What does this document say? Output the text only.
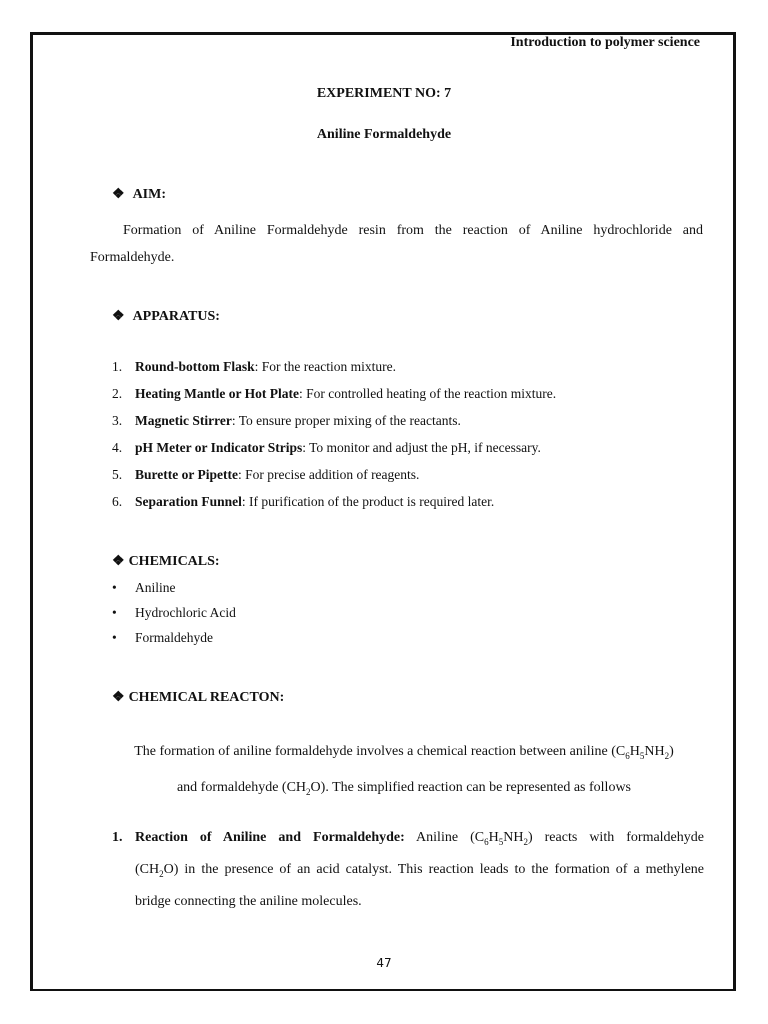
Introduction to polymer science
EXPERIMENT NO: 7
Aniline Formaldehyde
❖ AIM:
Formation of Aniline Formaldehyde resin from the reaction of Aniline hydrochloride and
Formaldehyde.
❖ APPARATUS:
1. Round-bottom Flask: For the reaction mixture.
2. Heating Mantle or Hot Plate: For controlled heating of the reaction mixture.
3. Magnetic Stirrer: To ensure proper mixing of the reactants.
4. pH Meter or Indicator Strips: To monitor and adjust the pH, if necessary.
5. Burette or Pipette: For precise addition of reagents.
6. Separation Funnel: If purification of the product is required later.
❖ CHEMICALS:
• Aniline
• Hydrochloric Acid
• Formaldehyde
❖ CHEMICAL REACTON:
The formation of aniline formaldehyde involves a chemical reaction between aniline $(C_6H_5NH_2)$
and formaldehyde $(CH_2O)$. The simplified reaction can be represented as follows
1. Reaction of Aniline and Formaldehyde: Aniline $(C_6H_5NH_2)$ reacts with formaldehyde
$(CH_2O)$ in the presence of an acid catalyst. This reaction leads to the formation of a methylene
bridge connecting the aniline molecules.
47
